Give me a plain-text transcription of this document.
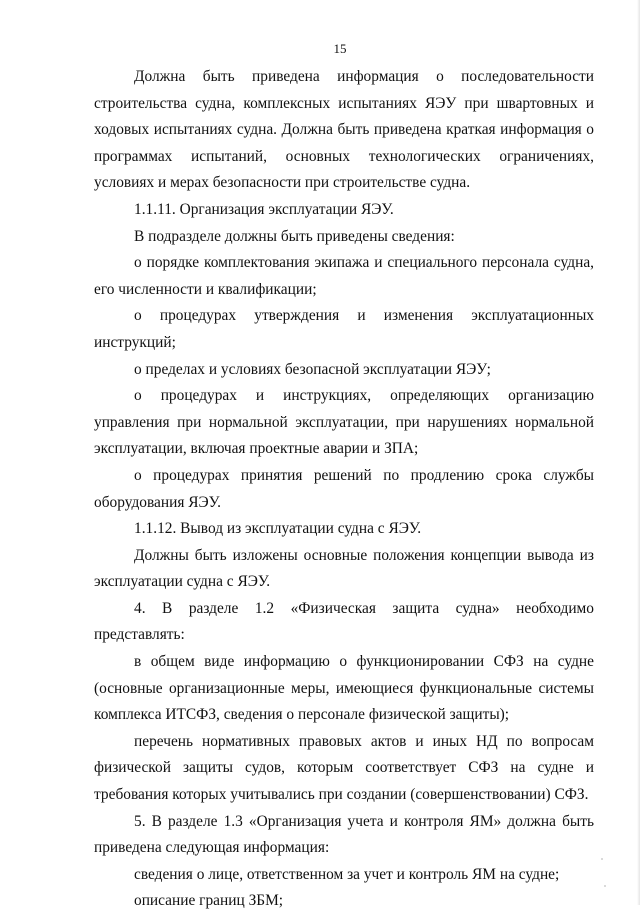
15

Должна быть приведена информация о последовательности строительства судна, комплексных испытаниях ЯЭУ при швартовных и ходовых испытаниях судна. Должна быть приведена краткая информация о программах испытаний, основных технологических ограничениях, условиях и мерах безопасности при строительстве судна.

1.1.11. Организация эксплуатации ЯЭУ.

В подразделе должны быть приведены сведения:

о порядке комплектования экипажа и специального персонала судна, его численности и квалификации;

о процедурах утверждения и изменения эксплуатационных инструкций;

о пределах и условиях безопасной эксплуатации ЯЭУ;

о процедурах и инструкциях, определяющих организацию управления при нормальной эксплуатации, при нарушениях нормальной эксплуатации, включая проектные аварии и ЗПА;

о процедурах принятия решений по продлению срока службы оборудования ЯЭУ.

1.1.12. Вывод из эксплуатации судна с ЯЭУ.

Должны быть изложены основные положения концепции вывода из эксплуатации судна с ЯЭУ.

4. В разделе 1.2 «Физическая защита судна» необходимо представлять:

в общем виде информацию о функционировании СФЗ на судне (основные организационные меры, имеющиеся функциональные системы комплекса ИТСФЗ, сведения о персонале физической защиты);

перечень нормативных правовых актов и иных НД по вопросам физической защиты судов, которым соответствует СФЗ на судне и требования которых учитывались при создании (совершенствовании) СФЗ.

5. В разделе 1.3 «Организация учета и контроля ЯМ» должна быть приведена следующая информация:

сведения о лице, ответственном за учет и контроль ЯМ на судне;

описание границ ЗБМ;
